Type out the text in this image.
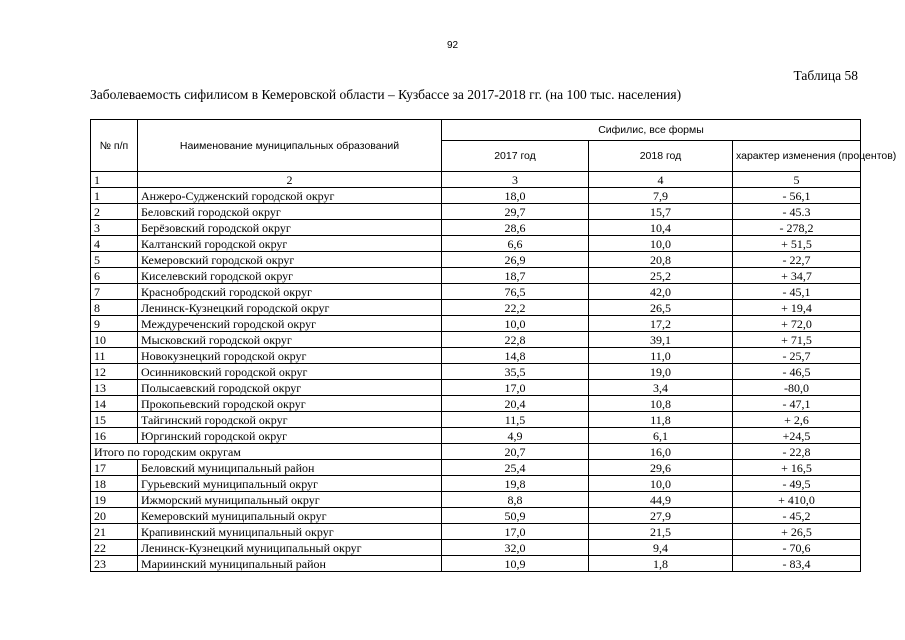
92
Таблица 58
Заболеваемость сифилисом в Кемеровской области – Кузбассе за 2017-2018 гг. (на 100 тыс. населения)
№ п/п	Наименование муниципальных образований	Сифилис, все формы		
		2017 год	2018 год	характер изменения (процентов)
1	2	3	4	5
1	Анжеро-Судженский городской округ	18,0	7,9	- 56,1
2	Беловский городской округ	29,7	15,7	- 45.3
3	Берёзовский городской округ	28,6	10,4	- 278,2
4	Калтанский городской округ	6,6	10,0	+ 51,5
5	Кемеровский городской округ	26,9	20,8	- 22,7
6	Киселевский городской округ	18,7	25,2	+ 34,7
7	Краснобродский городской округ	76,5	42,0	- 45,1
8	Ленинск-Кузнецкий городской округ	22,2	26,5	+ 19,4
9	Междуреченский городской округ	10,0	17,2	+ 72,0
10	Мысковский городской округ	22,8	39,1	+ 71,5
11	Новокузнецкий городской округ	14,8	11,0	- 25,7
12	Осинниковский городской округ	35,5	19,0	- 46,5
13	Полысаевский городской округ	17,0	3,4	-80,0
14	Прокопьевский городской округ	20,4	10,8	- 47,1
15	Тайгинский городской округ	11,5	11,8	+ 2,6
16	Юргинский городской округ	4,9	6,1	+24,5
Итого по городским округам		20,7	16,0	- 22,8
17	Беловский муниципальный район	25,4	29,6	+ 16,5
18	Гурьевский муниципальный округ	19,8	10,0	- 49,5
19	Ижморский муниципальный округ	8,8	44,9	+ 410,0
20	Кемеровский муниципальный округ	50,9	27,9	- 45,2
21	Крапивинский муниципальный округ	17,0	21,5	+ 26,5
22	Ленинск-Кузнецкий муниципальный округ	32,0	9,4	- 70,6
23	Мариинский муниципальный район	10,9	1,8	- 83,4
